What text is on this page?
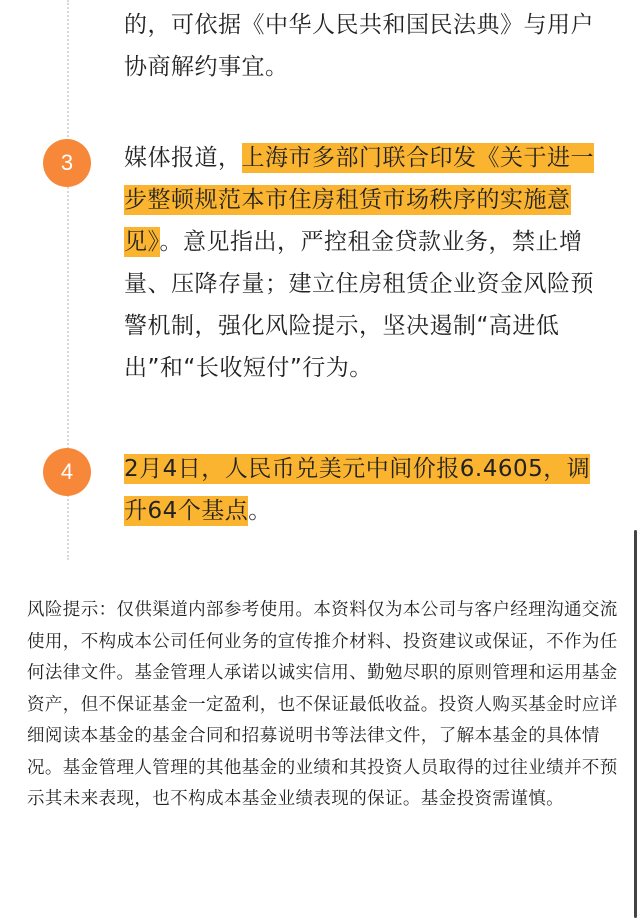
的，可依据《中华人民共和国民法典》与用户协商解约事宜。
3	媒体报道，上海市多部门联合印发《关于进一步整顿规范本市住房租赁市场秩序的实施意见》。意见指出，严控租金贷款业务，禁止增量、压降存量；建立住房租赁企业资金风险预警机制，强化风险提示，坚决遏制“高进低出”和“长收短付”行为。
4	2月4日，人民币兑美元中间价报6.4605，调升64个基点。
风险提示：仅供渠道内部参考使用。本资料仅为本公司与客户经理沟通交流使用，不构成本公司任何业务的宣传推介材料、投资建议或保证，不作为任何法律文件。基金管理人承诺以诚实信用、勤勉尽职的原则管理和运用基金资产，但不保证基金一定盈利，也不保证最低收益。投资人购买基金时应详细阅读本基金的基金合同和招募说明书等法律文件，了解本基金的具体情况。基金管理人管理的其他基金的业绩和其投资人员取得的过往业绩并不预示其未来表现，也不构成本基金业绩表现的保证。基金投资需谨慎。
